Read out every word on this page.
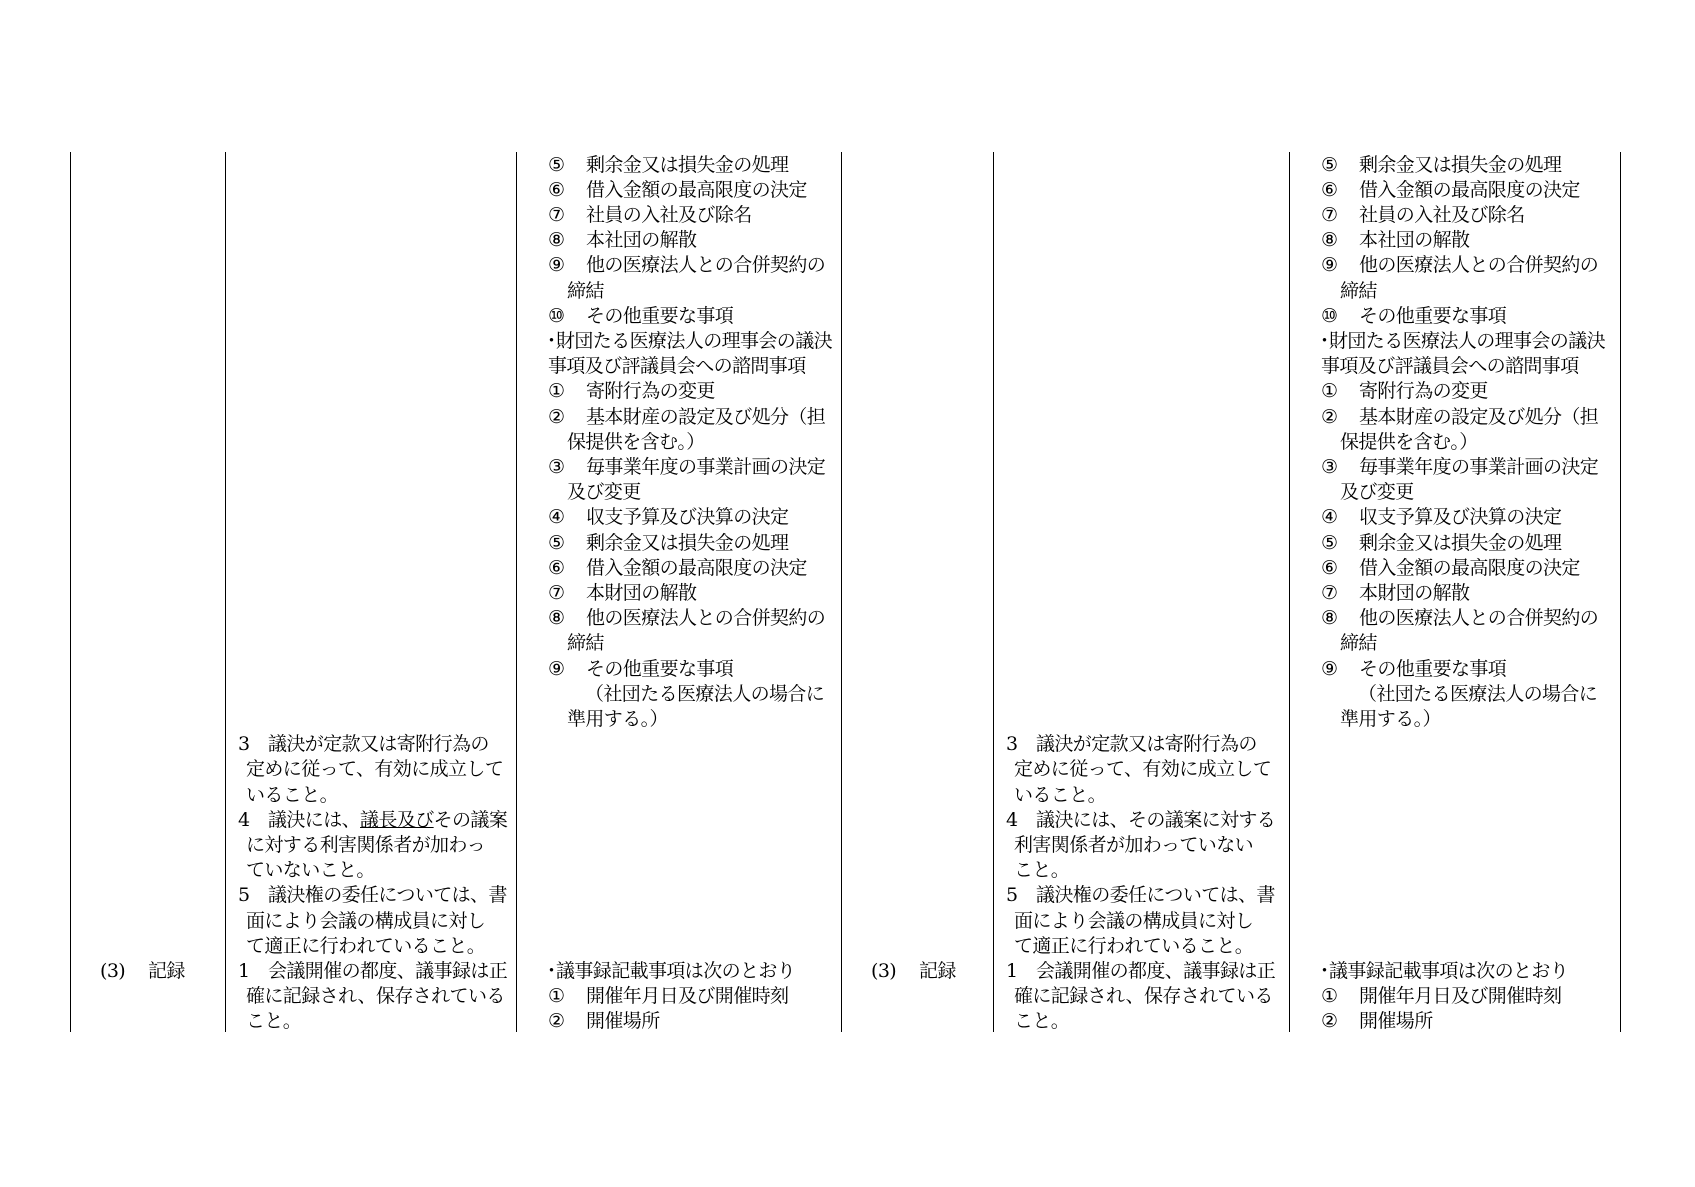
(3) 記録
3 議決が定款又は寄附行為の
定めに従って、有効に成立して
いること。
4 議決には、議長及びその議案
に対する利害関係者が加わっ
ていないこと。
5 議決権の委任については、書
面により会議の構成員に対し
て適正に行われていること。
1 会議開催の都度、議事録は正
確に記録され、保存されている
こと。
⑤ 剰余金又は損失金の処理
⑥ 借入金額の最高限度の決定
⑦ 社員の入社及び除名
⑧ 本社団の解散
⑨ 他の医療法人との合併契約の
締結
⑩ その他重要な事項
・
財団たる医療法人の理事会の議決
事項及び評議員会への諮問事項
① 寄附行為の変更
② 基本財産の設定及び処分（担
保提供を含む。）
③ 毎事業年度の事業計画の決定
及び変更
④ 収支予算及び決算の決定
⑤ 剰余金又は損失金の処理
⑥ 借入金額の最高限度の決定
⑦ 本財団の解散
⑧ 他の医療法人との合併契約の
締結
⑨ その他重要な事項
（社団たる医療法人の場合に
準用する。）
・
議事録記載事項は次のとおり
① 開催年月日及び開催時刻
② 開催場所
(3) 記録
3 議決が定款又は寄附行為の
定めに従って、有効に成立して
いること。
4 議決には、その議案に対する
利害関係者が加わっていない
こと。
5 議決権の委任については、書
面により会議の構成員に対し
て適正に行われていること。
1 会議開催の都度、議事録は正
確に記録され、保存されている
こと。
⑤ 剰余金又は損失金の処理
⑥ 借入金額の最高限度の決定
⑦ 社員の入社及び除名
⑧ 本社団の解散
⑨ 他の医療法人との合併契約の
締結
⑩ その他重要な事項
・
財団たる医療法人の理事会の議決
事項及び評議員会への諮問事項
① 寄附行為の変更
② 基本財産の設定及び処分（担
保提供を含む。）
③ 毎事業年度の事業計画の決定
及び変更
④ 収支予算及び決算の決定
⑤ 剰余金又は損失金の処理
⑥ 借入金額の最高限度の決定
⑦ 本財団の解散
⑧ 他の医療法人との合併契約の
締結
⑨ その他重要な事項
（社団たる医療法人の場合に
準用する。）
・
議事録記載事項は次のとおり
① 開催年月日及び開催時刻
② 開催場所
